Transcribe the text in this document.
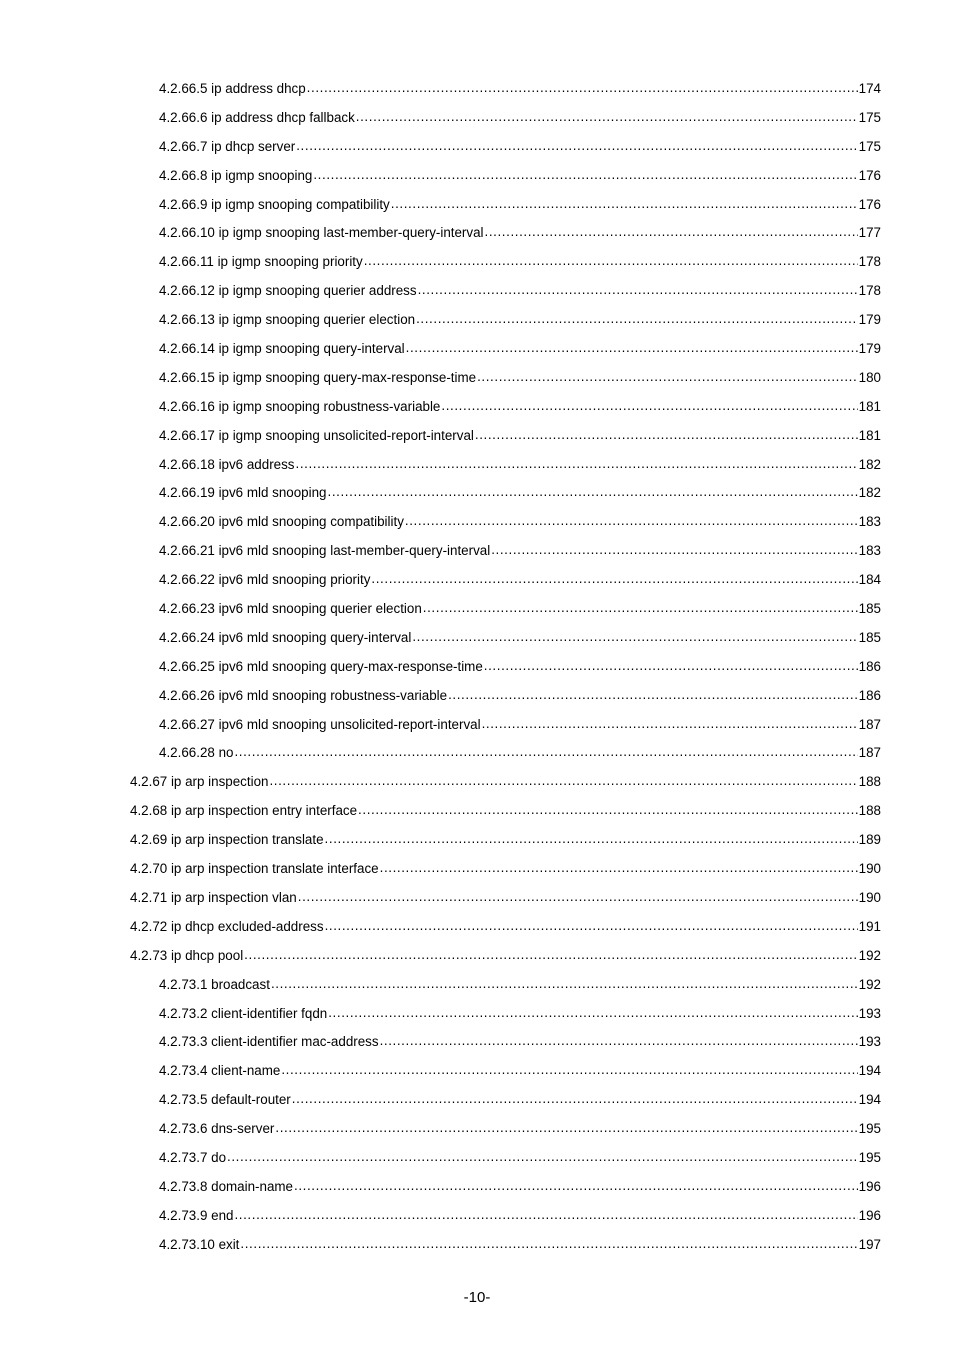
4.2.66.5 ip address dhcp .....	174
4.2.66.6 ip address dhcp fallback .....	175
4.2.66.7 ip dhcp server .....	175
4.2.66.8 ip igmp snooping .....	176
4.2.66.9 ip igmp snooping compatibility .....	176
4.2.66.10 ip igmp snooping last-member-query-interval .....	177
4.2.66.11 ip igmp snooping priority .....	178
4.2.66.12 ip igmp snooping querier address .....	178
4.2.66.13 ip igmp snooping querier election .....	179
4.2.66.14 ip igmp snooping query-interval .....	179
4.2.66.15 ip igmp snooping query-max-response-time .....	180
4.2.66.16 ip igmp snooping robustness-variable .....	181
4.2.66.17 ip igmp snooping unsolicited-report-interval .....	181
4.2.66.18 ipv6 address .....	182
4.2.66.19 ipv6 mld snooping .....	182
4.2.66.20 ipv6 mld snooping compatibility .....	183
4.2.66.21 ipv6 mld snooping last-member-query-interval .....	183
4.2.66.22 ipv6 mld snooping priority .....	184
4.2.66.23 ipv6 mld snooping querier election .....	185
4.2.66.24 ipv6 mld snooping query-interval .....	185
4.2.66.25 ipv6 mld snooping query-max-response-time .....	186
4.2.66.26 ipv6 mld snooping robustness-variable .....	186
4.2.66.27 ipv6 mld snooping unsolicited-report-interval .....	187
4.2.66.28 no .....	187
4.2.67 ip arp inspection .....	188
4.2.68 ip arp inspection entry interface .....	188
4.2.69 ip arp inspection translate .....	189
4.2.70 ip arp inspection translate interface .....	190
4.2.71 ip arp inspection vlan .....	190
4.2.72 ip dhcp excluded-address .....	191
4.2.73 ip dhcp pool .....	192
4.2.73.1 broadcast .....	192
4.2.73.2 client-identifier fqdn .....	193
4.2.73.3 client-identifier mac-address .....	193
4.2.73.4 client-name .....	194
4.2.73.5 default-router .....	194
4.2.73.6 dns-server .....	195
4.2.73.7 do .....	195
4.2.73.8 domain-name .....	196
4.2.73.9 end .....	196
4.2.73.10 exit .....	197
-10-
